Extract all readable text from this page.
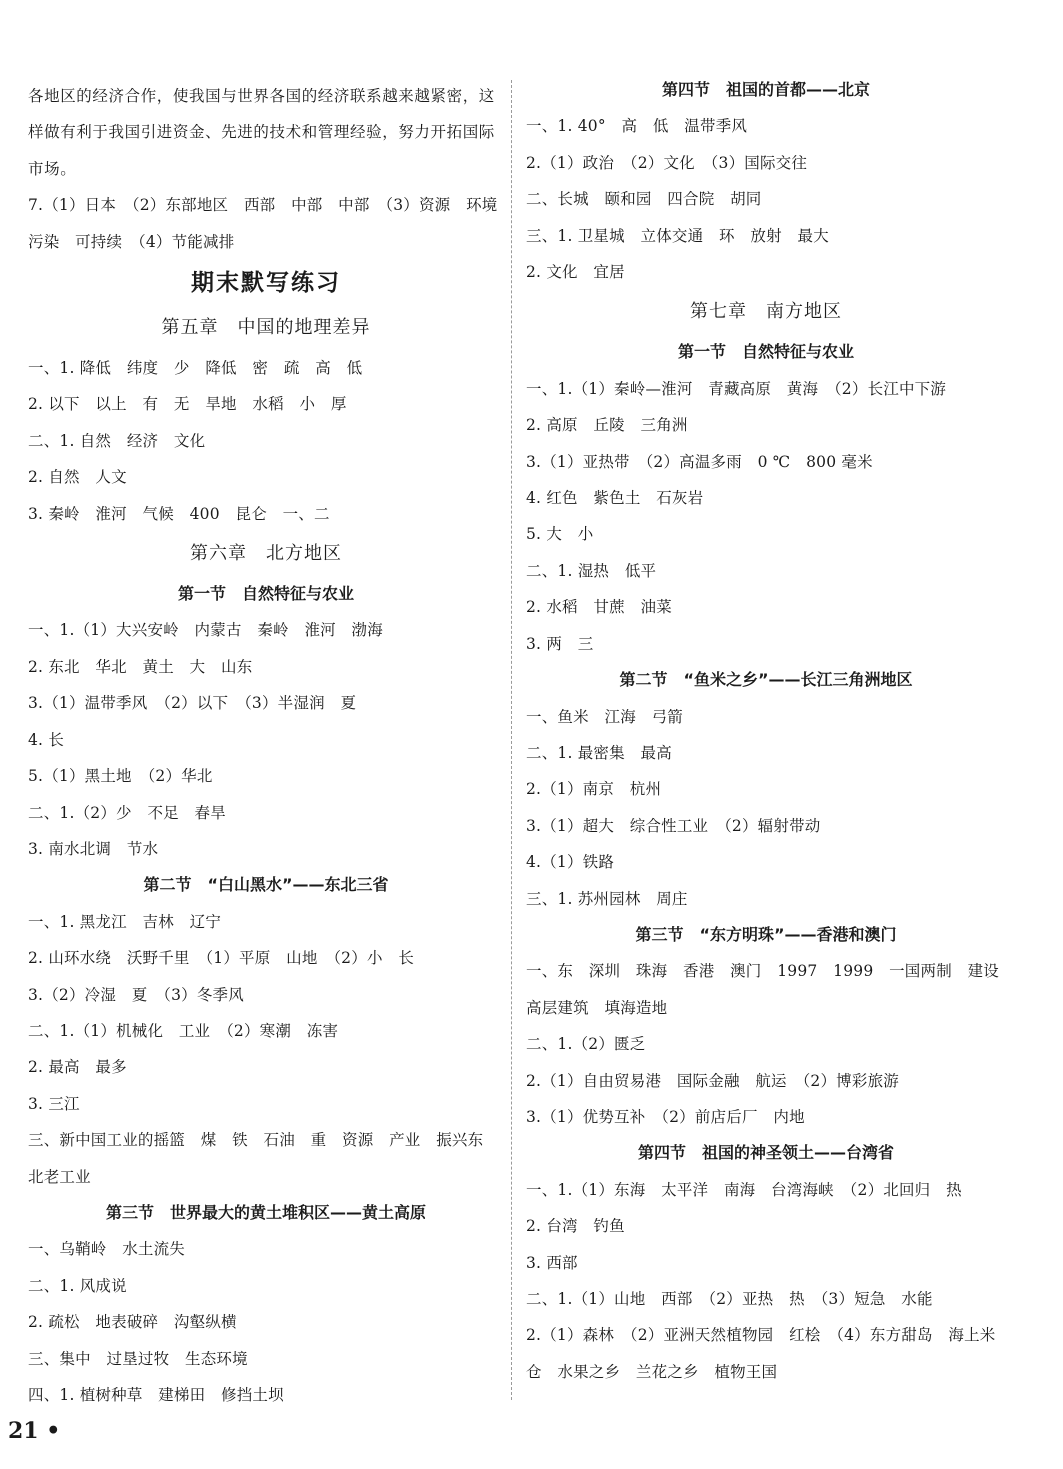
各地区的经济合作，使我国与世界各国的经济联系越来越紧密，这样做有利于我国引进资金、先进的技术和管理经验，努力开拓国际市场。
7.（1）日本　（2）东部地区　西部　中部　中部　（3）资源　环境
污染　可持续　（4）节能减排
期末默写练习
第五章　中国的地理差异
一、1. 降低　纬度　少　降低　密　疏　高　低
2. 以下　以上　有　无　旱地　水稻　小　厚
二、1. 自然　经济　文化
2. 自然　人文
3. 秦岭　淮河　气候　400　昆仑　一、二
第六章　北方地区
第一节　自然特征与农业
一、1.（1）大兴安岭　内蒙古　秦岭　淮河　渤海
2. 东北　华北　黄土　大　山东
3.（1）温带季风　（2）以下　（3）半湿润　夏
4. 长
5.（1）黑土地　（2）华北
二、1.（2）少　不足　春旱
3. 南水北调　节水
第二节　“白山黑水”——东北三省
一、1. 黑龙江　吉林　辽宁
2. 山环水绕　沃野千里　（1）平原　山地　（2）小　长
3.（2）冷湿　夏　（3）冬季风
二、1.（1）机械化　工业　（2）寒潮　冻害
2. 最高　最多
3. 三江
三、新中国工业的摇篮　煤　铁　石油　重　资源　产业　振兴东
北老工业
第三节　世界最大的黄土堆积区——黄土高原
一、乌鞘岭　水土流失
二、1. 风成说
2. 疏松　地表破碎　沟壑纵横
三、集中　过垦过牧　生态环境
四、1. 植树种草　建梯田　修挡土坝
第四节　祖国的首都——北京
一、1. 40°　高　低　温带季风
2.（1）政治　（2）文化　（3）国际交往
二、长城　颐和园　四合院　胡同
三、1. 卫星城　立体交通　环　放射　最大
2. 文化　宜居
第七章　南方地区
第一节　自然特征与农业
一、1.（1）秦岭—淮河　青藏高原　黄海　（2）长江中下游
2. 高原　丘陵　三角洲
3.（1）亚热带　（2）高温多雨　0 ℃　800 毫米
4. 红色　紫色土　石灰岩
5. 大　小
二、1. 湿热　低平
2. 水稻　甘蔗　油菜
3. 两　三
第二节　“鱼米之乡”——长江三角洲地区
一、鱼米　江海　弓箭
二、1. 最密集　最高
2.（1）南京　杭州
3.（1）超大　综合性工业　（2）辐射带动
4.（1）铁路
三、1. 苏州园林　周庄
第三节　“东方明珠”——香港和澳门
一、东　深圳　珠海　香港　澳门　1997　1999　一国两制　建设
高层建筑　填海造地
二、1.（2）匮乏
2.（1）自由贸易港　国际金融　航运　（2）博彩旅游
3.（1）优势互补　（2）前店后厂　内地
第四节　祖国的神圣领土——台湾省
一、1.（1）东海　太平洋　南海　台湾海峡　（2）北回归　热
2. 台湾　钓鱼
3. 西部
二、1.（1）山地　西部　（2）亚热　热　（3）短急　水能
2.（1）森林　（2）亚洲天然植物园　红桧　（4）东方甜岛　海上米
仓　水果之乡　兰花之乡　植物王国
21 •
